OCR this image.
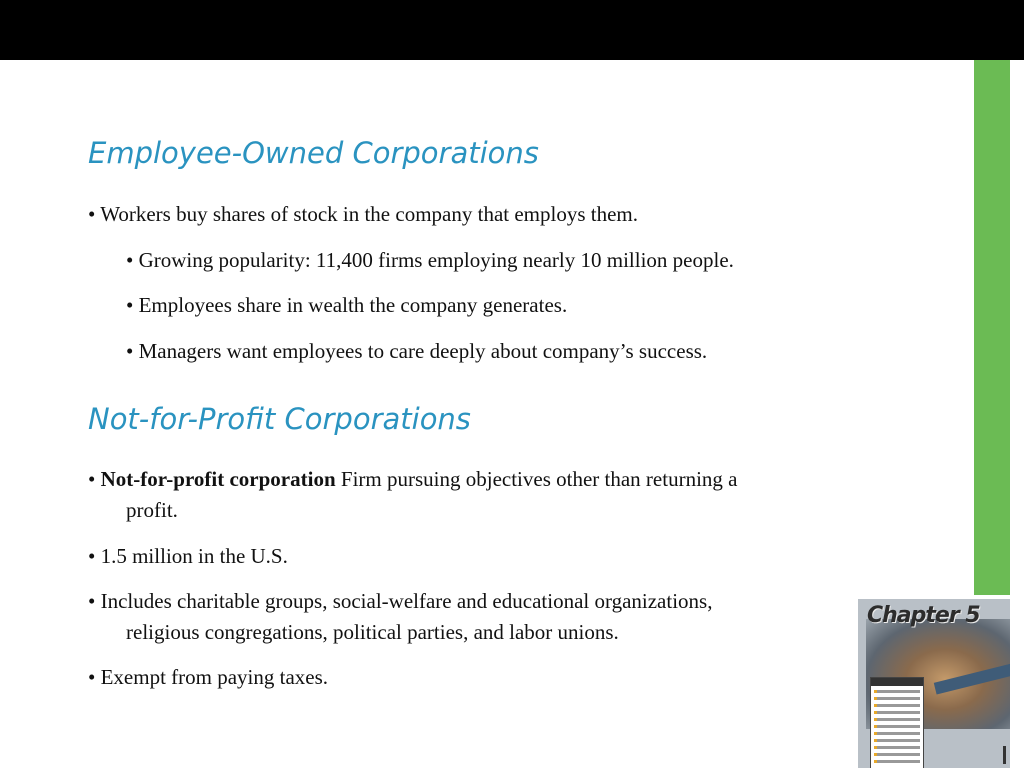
Employee-Owned Corporations

• Workers buy shares of stock in the company that employs them.

• Growing popularity: 11,400 firms employing nearly 10 million people.

• Employees share in wealth the company generates.

• Managers want employees to care deeply about company’s success.

Not-for-Profit Corporations

• Not-for-profit corporation Firm pursuing objectives other than returning a

profit.

• 1.5 million in the U.S.

• Includes charitable groups, social-welfare and educational organizations,

religious congregations, political parties, and labor unions.

• Exempt from paying taxes.

Chapter 5
